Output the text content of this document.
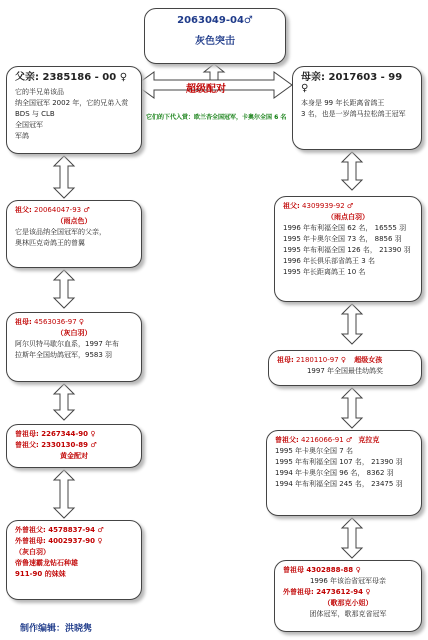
2063049-04♂
灰色突击
超级配对
它们的下代入赏：欧兰杏全国冠军，卡奥尔全国 6 名
父亲: 2385186 - 00 ♀
它的半兄弟该品
纳全国冠军 2002 年，它的兄弟入赏 BDS 与 CLB
全国冠军
军鸽
母亲: 2017603 - 99 ♀
本身是 99 年长距离省鸽王
3 名，也是一岁鸽马拉松鸽王冠军
祖父: 20064047-93 ♂
（雨点色）
它是该品纳全国冠军的父亲，
奥林匹克奇鸽王的曾翼
祖父: 4309939-92 ♂
（雨点白羽）
1996 年布利福全国 62 名， 16555 羽
1995 年卡奥尔全国 73 名， 8856 羽
1995 年布利福全国 126 名， 21390 羽
1996 年长俱乐部省鸽王 3 名
1995 年长距离鸽王 10 名
祖母: 4563036-97 ♀
（灰白羽）
阿尔贝特马歇尔血系，1997 年布
拉斯年全国幼鸽冠军，9583 羽
祖母: 2180110-97 ♀ 超级女孩
1997 年全国最佳幼鸽奖
曾祖母: 2267344-90 ♀
曾祖父: 2330130-89 ♂
黄金配对
曾祖父: 4216066-91 ♂ 克拉克
1995 年卡奥尔全国 7 名
1995 年布利福全国 107 名， 21390 羽
1994 年卡奥尔全国 96 名， 8362 羽
1994 年布利福全国 245 名， 23475 羽
外曾祖父: 4578837-94 ♂
外曾祖母: 4002937-90 ♀
（灰白羽）
帝鲁速霸龙钻石种雄
911-90 的妹妹	曾祖母 4302888-88 ♀
1996 年该治省冠军母亲
外曾祖母: 2473612-94 ♀
（歌那克小姐）
团体冠军，歌那克省冠军
制作编辑：洪晓隽
